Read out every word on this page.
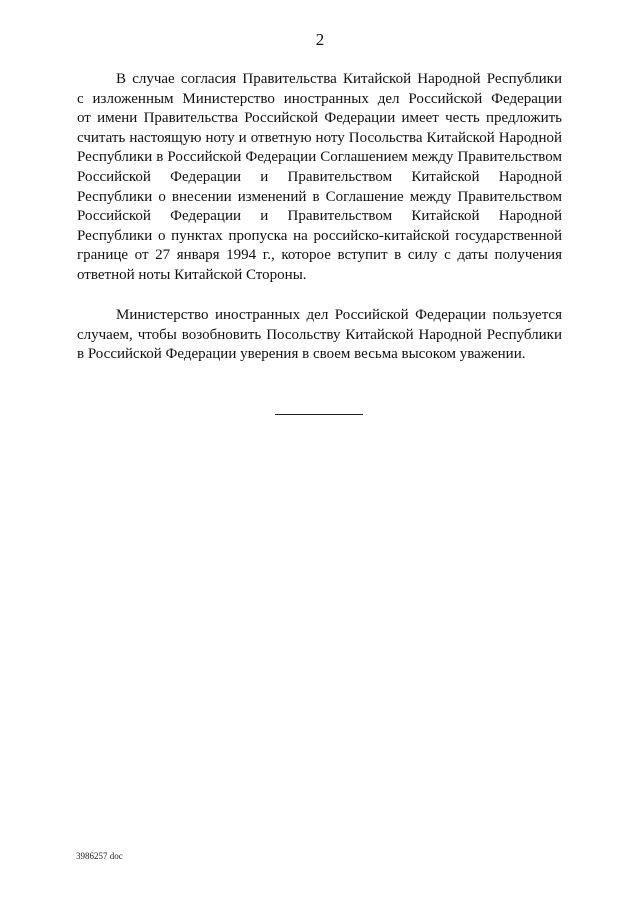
2
В случае согласия Правительства Китайской Народной Республики
с изложенным Министерство иностранных дел Российской Федерации
от имени Правительства Российской Федерации имеет честь предложить
считать настоящую ноту и ответную ноту Посольства Китайской Народной
Республики в Российской Федерации Соглашением между Правительством
Российской Федерации и Правительством Китайской Народной
Республики о внесении изменений в Соглашение между Правительством
Российской Федерации и Правительством Китайской Народной
Республики о пунктах пропуска на российско-китайской государственной
границе от 27 января 1994 г., которое вступит в силу с даты получения
ответной ноты Китайской Стороны.
Министерство иностранных дел Российской Федерации пользуется
случаем, чтобы возобновить Посольству Китайской Народной Республики
в Российской Федерации уверения в своем весьма высоком уважении.
3986257 doc
